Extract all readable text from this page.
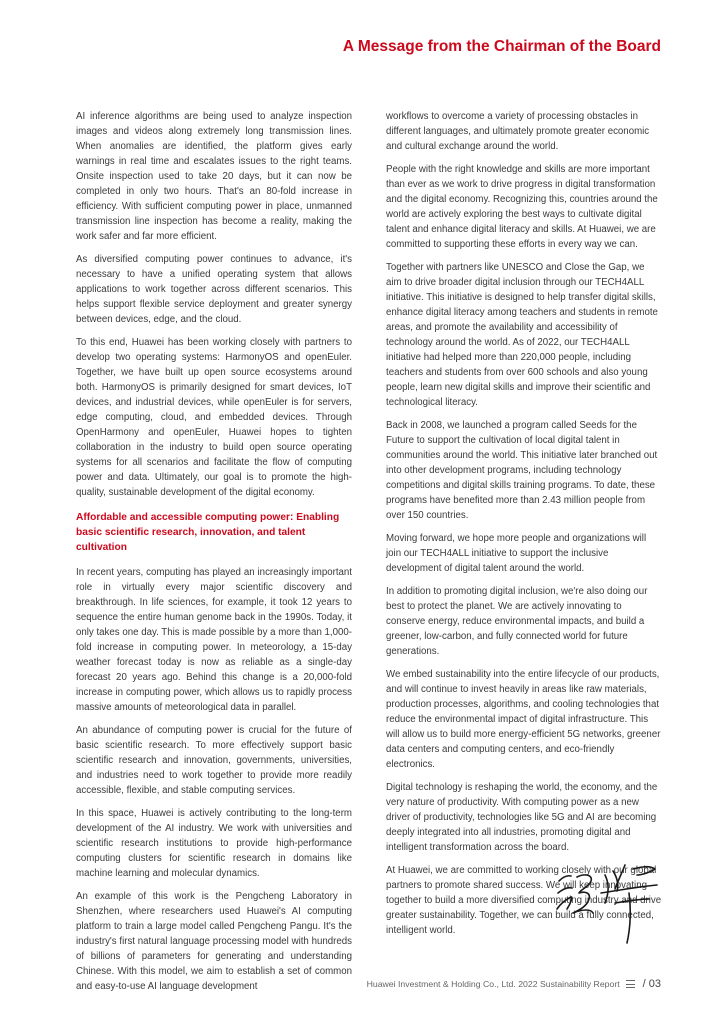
A Message from the Chairman of the Board

AI inference algorithms are being used to analyze inspection images and videos along extremely long transmission lines. When anomalies are identified, the platform gives early warnings in real time and escalates issues to the right teams. Onsite inspection used to take 20 days, but it can now be completed in only two hours. That's an 80-fold increase in efficiency. With sufficient computing power in place, unmanned transmission line inspection has become a reality, making the work safer and far more efficient.

As diversified computing power continues to advance, it's necessary to have a unified operating system that allows applications to work together across different scenarios. This helps support flexible service deployment and greater synergy between devices, edge, and the cloud.

To this end, Huawei has been working closely with partners to develop two operating systems: HarmonyOS and openEuler. Together, we have built up open source ecosystems around both. HarmonyOS is primarily designed for smart devices, IoT devices, and industrial devices, while openEuler is for servers, edge computing, cloud, and embedded devices. Through OpenHarmony and openEuler, Huawei hopes to tighten collaboration in the industry to build open source operating systems for all scenarios and facilitate the flow of computing power and data. Ultimately, our goal is to promote the high-quality, sustainable development of the digital economy.

Affordable and accessible computing power: Enabling basic scientific research, innovation, and talent cultivation

In recent years, computing has played an increasingly important role in virtually every major scientific discovery and breakthrough. In life sciences, for example, it took 12 years to sequence the entire human genome back in the 1990s. Today, it only takes one day. This is made possible by a more than 1,000-fold increase in computing power. In meteorology, a 15-day weather forecast today is now as reliable as a single-day forecast 20 years ago. Behind this change is a 20,000-fold increase in computing power, which allows us to rapidly process massive amounts of meteorological data in parallel.

An abundance of computing power is crucial for the future of basic scientific research. To more effectively support basic scientific research and innovation, governments, universities, and industries need to work together to provide more readily accessible, flexible, and stable computing services.

In this space, Huawei is actively contributing to the long-term development of the AI industry. We work with universities and scientific research institutions to provide high-performance computing clusters for scientific research in domains like machine learning and molecular dynamics.

An example of this work is the Pengcheng Laboratory in Shenzhen, where researchers used Huawei's AI computing platform to train a large model called Pengcheng Pangu. It's the industry's first natural language processing model with hundreds of billions of parameters for generating and understanding Chinese. With this model, we aim to establish a set of common and easy-to-use AI language development

workflows to overcome a variety of processing obstacles in different languages, and ultimately promote greater economic and cultural exchange around the world.

People with the right knowledge and skills are more important than ever as we work to drive progress in digital transformation and the digital economy. Recognizing this, countries around the world are actively exploring the best ways to cultivate digital talent and enhance digital literacy and skills. At Huawei, we are committed to supporting these efforts in every way we can.

Together with partners like UNESCO and Close the Gap, we aim to drive broader digital inclusion through our TECH4ALL initiative. This initiative is designed to help transfer digital skills, enhance digital literacy among teachers and students in remote areas, and promote the availability and accessibility of technology around the world. As of 2022, our TECH4ALL initiative had helped more than 220,000 people, including teachers and students from over 600 schools and also young people, learn new digital skills and improve their scientific and technological literacy.

Back in 2008, we launched a program called Seeds for the Future to support the cultivation of local digital talent in communities around the world. This initiative later branched out into other development programs, including technology competitions and digital skills training programs. To date, these programs have benefited more than 2.43 million people from over 150 countries.

Moving forward, we hope more people and organizations will join our TECH4ALL initiative to support the inclusive development of digital talent around the world.

In addition to promoting digital inclusion, we're also doing our best to protect the planet. We are actively innovating to conserve energy, reduce environmental impacts, and build a greener, low-carbon, and fully connected world for future generations.

We embed sustainability into the entire lifecycle of our products, and will continue to invest heavily in areas like raw materials, production processes, algorithms, and cooling technologies that reduce the environmental impact of digital infrastructure. This will allow us to build more energy-efficient 5G networks, greener data centers and computing centers, and eco-friendly electronics.

Digital technology is reshaping the world, the economy, and the very nature of productivity. With computing power as a new driver of productivity, technologies like 5G and AI are becoming deeply integrated into all industries, promoting digital and intelligent transformation across the board.

At Huawei, we are committed to working closely with our global partners to promote shared success. We will keep innovating together to build a more diversified computing industry and drive greater sustainability. Together, we can build a fully connected, intelligent world.

Huawei Investment & Holding Co., Ltd. 2022 Sustainability Report / 03
